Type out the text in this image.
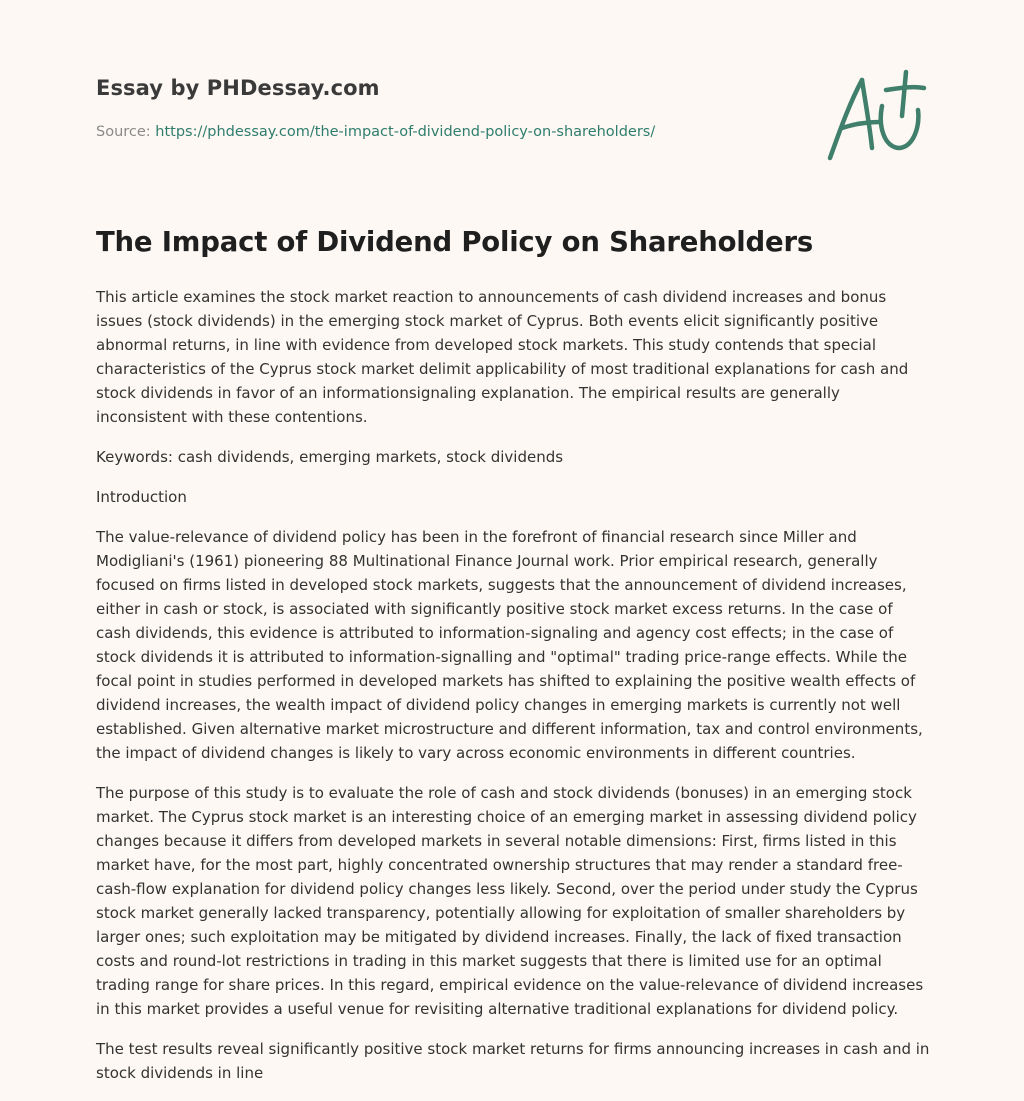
Essay by PHDessay.com
Source: https://phdessay.com/the-impact-of-dividend-policy-on-shareholders/
The Impact of Dividend Policy on Shareholders

This article examines the stock market reaction to announcements of cash dividend increases and bonus issues (stock dividends) in the emerging stock market of Cyprus. Both events elicit significantly positive abnormal returns, in line with evidence from developed stock markets. This study contends that special characteristics of the Cyprus stock market delimit applicability of most traditional explanations for cash and stock dividends in favor of an informationsignaling explanation. The empirical results are generally inconsistent with these contentions.

Keywords: cash dividends, emerging markets, stock dividends

Introduction

The value-relevance of dividend policy has been in the forefront of financial research since Miller and Modigliani's (1961) pioneering 88 Multinational Finance Journal work. Prior empirical research, generally focused on firms listed in developed stock markets, suggests that the announcement of dividend increases, either in cash or stock, is associated with significantly positive stock market excess returns. In the case of cash dividends, this evidence is attributed to information-signaling and agency cost effects; in the case of stock dividends it is attributed to information-signalling and "optimal" trading price-range effects. While the focal point in studies performed in developed markets has shifted to explaining the positive wealth effects of dividend increases, the wealth impact of dividend policy changes in emerging markets is currently not well established. Given alternative market microstructure and different information, tax and control environments, the impact of dividend changes is likely to vary across economic environments in different countries.

The purpose of this study is to evaluate the role of cash and stock dividends (bonuses) in an emerging stock market. The Cyprus stock market is an interesting choice of an emerging market in assessing dividend policy changes because it differs from developed markets in several notable dimensions: First, firms listed in this market have, for the most part, highly concentrated ownership structures that may render a standard free-cash-flow explanation for dividend policy changes less likely. Second, over the period under study the Cyprus stock market generally lacked transparency, potentially allowing for exploitation of smaller shareholders by larger ones; such exploitation may be mitigated by dividend increases. Finally, the lack of fixed transaction costs and round-lot restrictions in trading in this market suggests that there is limited use for an optimal trading range for share prices. In this regard, empirical evidence on the value-relevance of dividend increases in this market provides a useful venue for revisiting alternative traditional explanations for dividend policy.

The test results reveal significantly positive stock market returns for firms announcing increases in cash and in stock dividends in line
